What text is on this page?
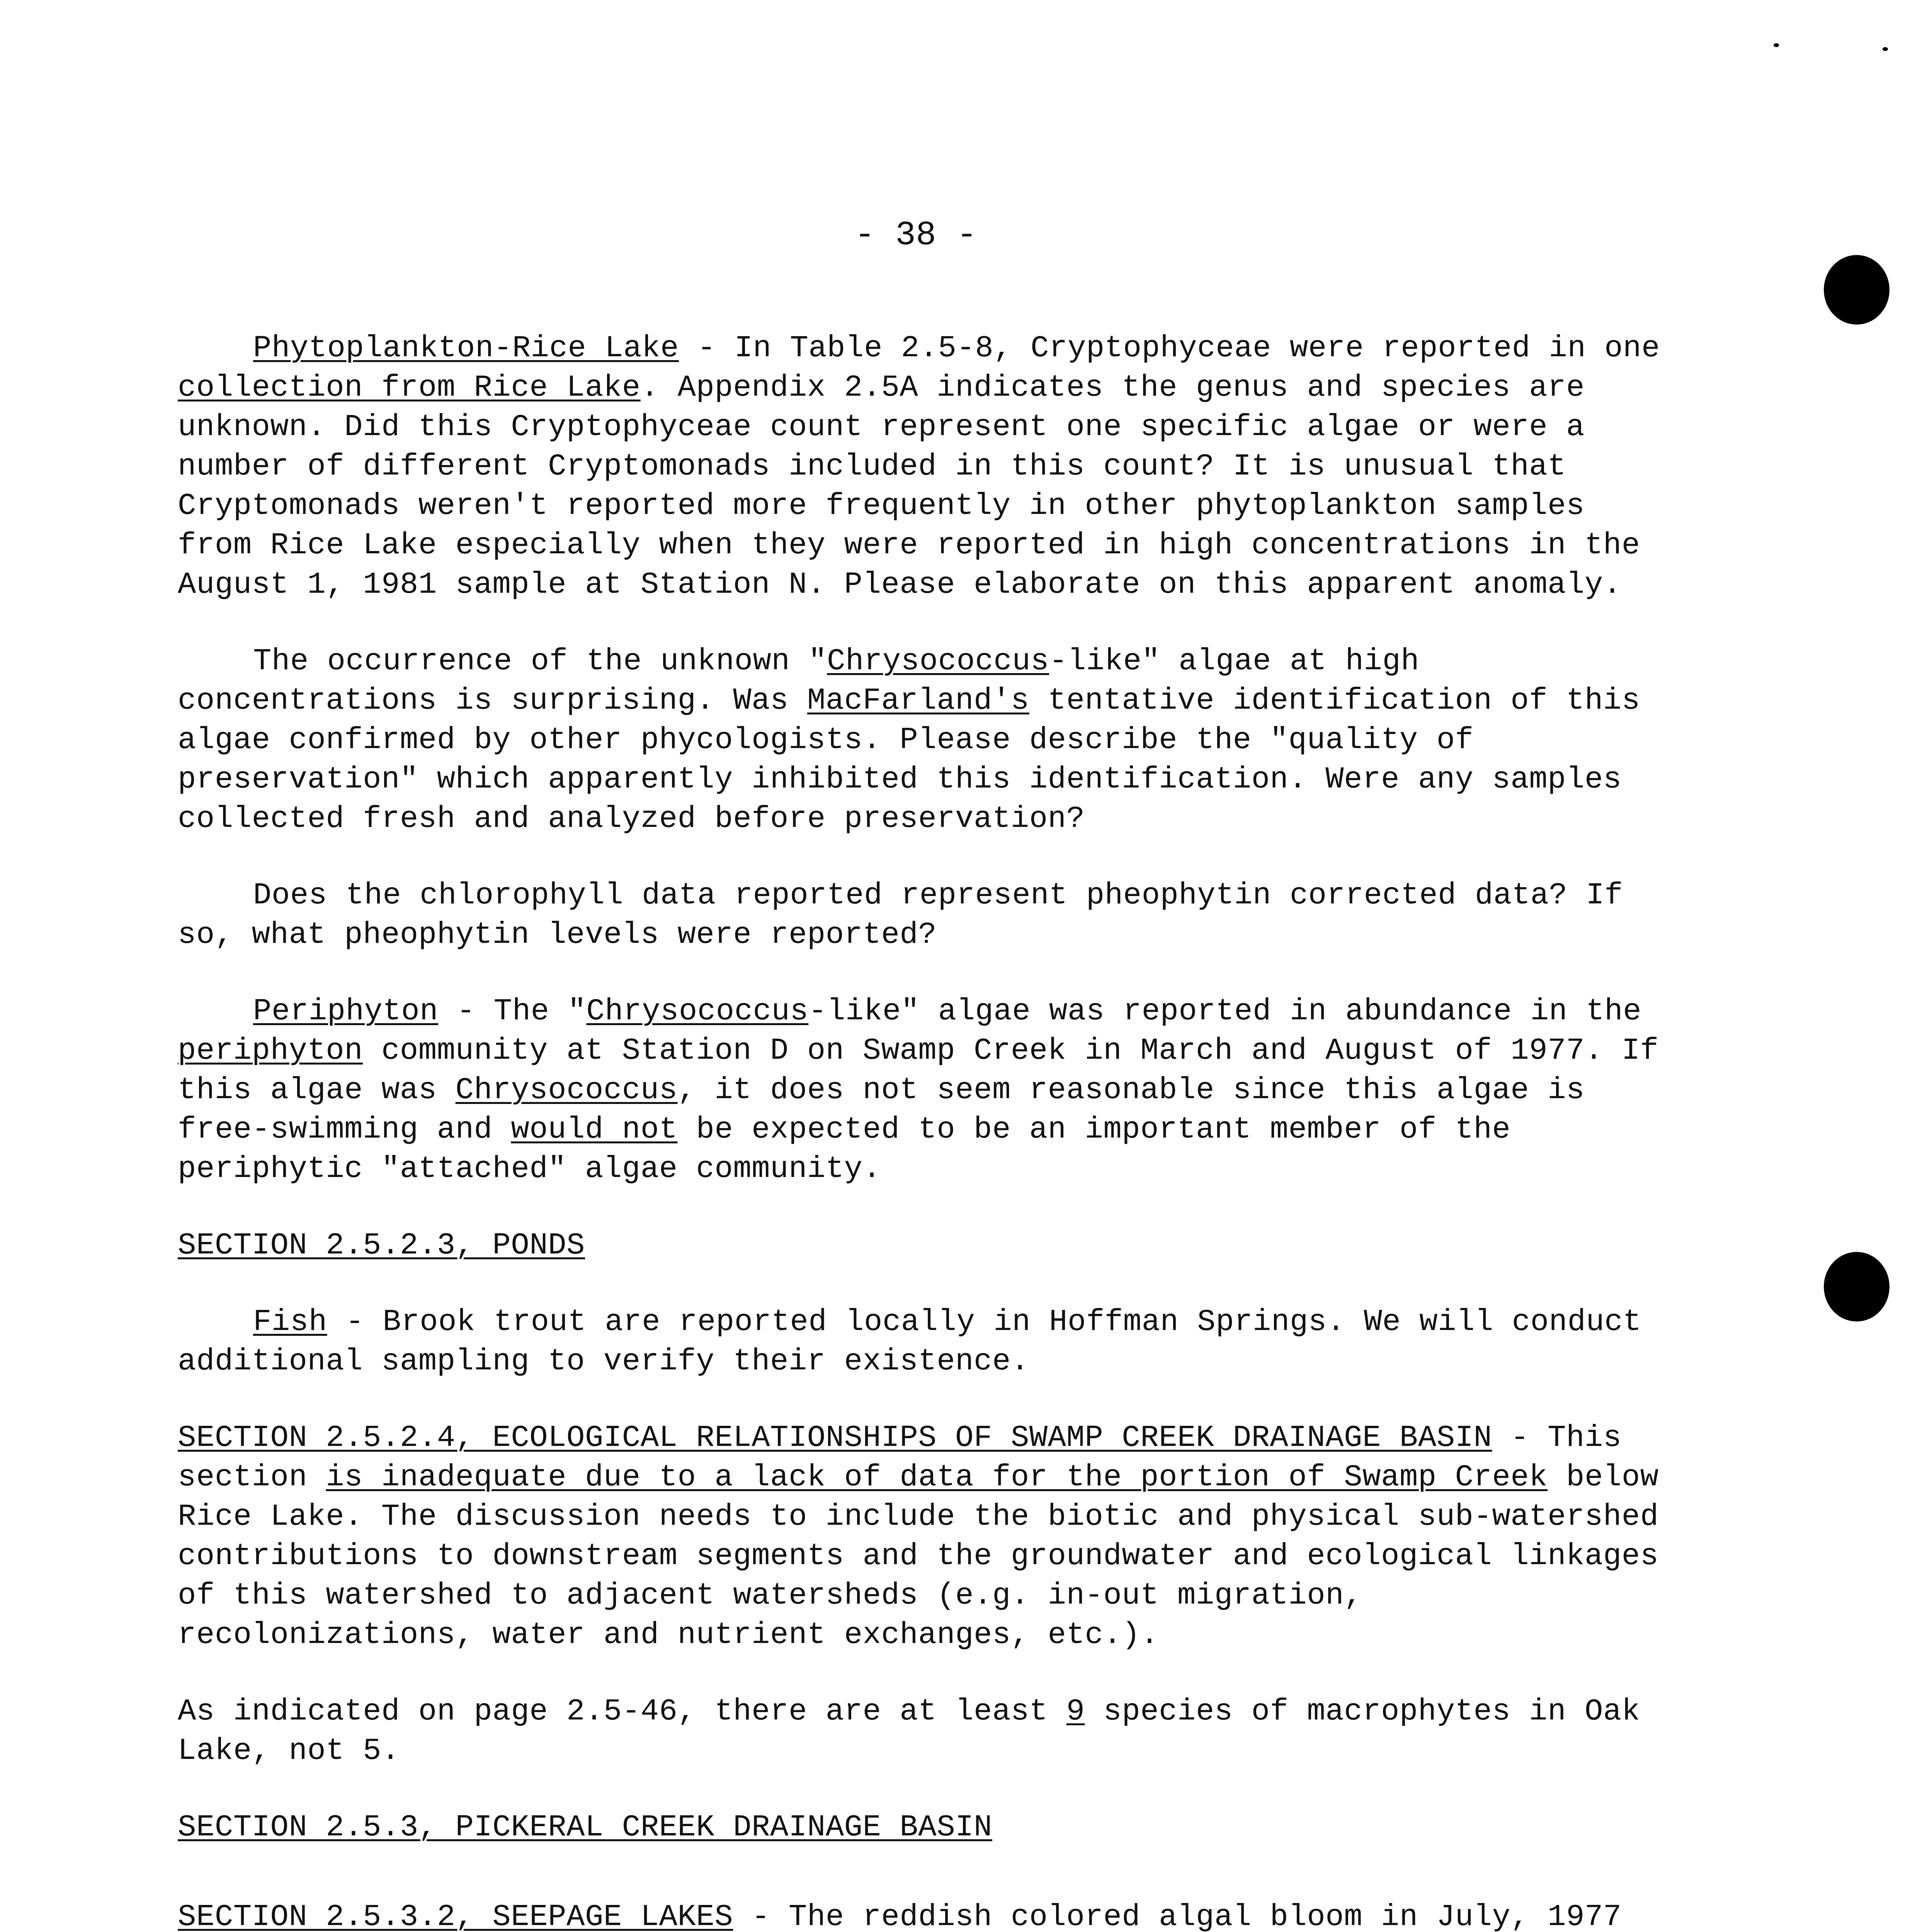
- 38 -

Phytoplankton-Rice Lake - In Table 2.5-8, Cryptophyceae were reported in one collection from Rice Lake. Appendix 2.5A indicates the genus and species are unknown. Did this Cryptophyceae count represent one specific algae or were a number of different Cryptomonads included in this count? It is unusual that Cryptomonads weren't reported more frequently in other phytoplankton samples from Rice Lake especially when they were reported in high concentrations in the August 1, 1981 sample at Station N. Please elaborate on this apparent anomaly.

The occurrence of the unknown "Chrysococcus-like" algae at high concentrations is surprising. Was MacFarland's tentative identification of this algae confirmed by other phycologists. Please describe the "quality of preservation" which apparently inhibited this identification. Were any samples collected fresh and analyzed before preservation?

Does the chlorophyll data reported represent pheophytin corrected data? If so, what pheophytin levels were reported?

Periphyton - The "Chrysococcus-like" algae was reported in abundance in the periphyton community at Station D on Swamp Creek in March and August of 1977. If this algae was Chrysococcus, it does not seem reasonable since this algae is free-swimming and would not be expected to be an important member of the periphytic "attached" algae community.

SECTION 2.5.2.3, PONDS

Fish - Brook trout are reported locally in Hoffman Springs. We will conduct additional sampling to verify their existence.

SECTION 2.5.2.4, ECOLOGICAL RELATIONSHIPS OF SWAMP CREEK DRAINAGE BASIN - This section is inadequate due to a lack of data for the portion of Swamp Creek below Rice Lake. The discussion needs to include the biotic and physical sub-watershed contributions to downstream segments and the groundwater and ecological linkages of this watershed to adjacent watersheds (e.g. in-out migration, recolonizations, water and nutrient exchanges, etc.).

As indicated on page 2.5-46, there are at least 9 species of macrophytes in Oak Lake, not 5.

SECTION 2.5.3, PICKERAL CREEK DRAINAGE BASIN

SECTION 2.5.3.2, SEEPAGE LAKES - The reddish colored algal bloom in July, 1977
